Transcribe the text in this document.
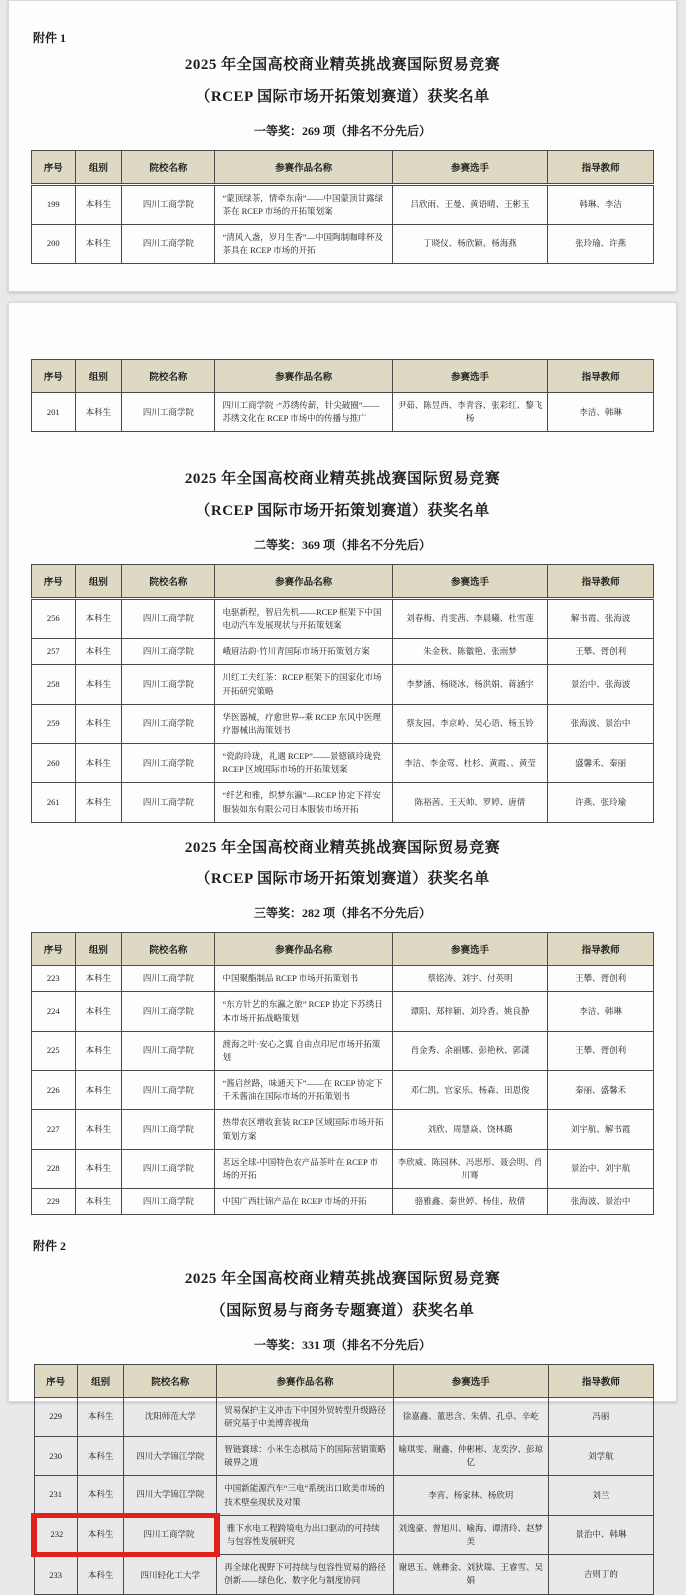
附件 1
2025 年全国高校商业精英挑战赛国际贸易竞赛
（RCEP 国际市场开拓策划赛道）获奖名单
一等奖：269 项（排名不分先后）
序号	组别	院校名称	参赛作品名称	参赛选手	指导教师
199	本科生	四川工商学院	“蒙顶绿茶，情牵东南”——中国蒙顶甘露绿茶在 RCEP 市场的开拓策划案	吕欣雨、王曼、黄语晴、王彬玉	韩琳、李洁
200	本科生	四川工商学院	“清风入盏，岁月生香”—中国陶制咖啡杯及茶具在 RCEP 市场的开拓	丁晓仪、杨欣颖、杨海燕	张玲瑜、许燕
序号	组别	院校名称	参赛作品名称	参赛选手	指导教师
201	本科生	四川工商学院	四川工商学院 ·“苏绣传薪，针尖破圈”——苏绣文化在 RCEP 市场中的传播与推广	尹茹、陈昱西、李青容、张彩红、黎飞杨	李洁、韩琳
2025 年全国高校商业精英挑战赛国际贸易竞赛
（RCEP 国际市场开拓策划赛道）获奖名单
二等奖：369 项（排名不分先后）
序号	组别	院校名称	参赛作品名称	参赛选手	指导教师
256	本科生	四川工商学院	电驱新程，智启先机——RCEP 框架下中国电动汽车发展现状与开拓策划案	刘春梅、肖雯茜、李晨曦、杜雪莲	解书霞、张海波
257	本科生	四川工商学院	峨眉沽韵·竹川青国际市场开拓策划方案	朱金秋、陈徽艳、张雨梦	王攀、胥创利
258	本科生	四川工商学院	川红工夫红茶：RCEP 框架下的国家化市场开拓研究策略	李梦涵、杨晓冰、杨洪娟、蒋涵宇	景治中、张海波
259	本科生	四川工商学院	华医器械，疗愈世界--乘 RCEP 东风中医理疗器械出海策划书	蔡友园、李京岭、吴心语、杨玉铃	张海波、景治中
260	本科生	四川工商学院	“瓷韵玲珑，礼遇 RCEP”——景德镇玲珑瓷 RCEP 区域国际市场的开拓策划案	李洁、李金莺、杜杉、黄霞、、黄莹	盛馨禾、秦丽
261	本科生	四川工商学院	“纤艺和雅，织梦东瀛”—RCEP 协定下祥安服装如东有限公司日本服装市场开拓	陈裕茜、王天帅、罗婷、唐倩	许燕、张玲瑜
2025 年全国高校商业精英挑战赛国际贸易竞赛
（RCEP 国际市场开拓策划赛道）获奖名单
三等奖：282 项（排名不分先后）
序号	组别	院校名称	参赛作品名称	参赛选手	指导教师
223	本科生	四川工商学院	中国聚酯制品 RCEP 市场开拓策划书	蔡铭涛、刘宇、付英明	王攀、胥创利
224	本科生	四川工商学院	“东方针艺的东瀛之旅” RCEP 协定下苏绣日本市场开拓战略策划	谭阳、郑梓颖、刘玲香、姚良静	李洁、韩琳
225	本科生	四川工商学院	渡海之叶·安心之翼 自由点印尼市场开拓策划	肖金秀、余丽娜、彭艳秋、郭潇	王攀、胥创利
226	本科生	四川工商学院	“酱启丝路，味通天下”——在 RCEP 协定下千禾酱油在国际市场的开拓策划书	邓仁凯、官家乐、杨森、田恩俊	秦丽、盛馨禾
227	本科生	四川工商学院	热带农区增收套装 RCEP 区域国际市场开拓策划方案	刘欣、周慧焱、饶林璐	刘宇航、解书霞
228	本科生	四川工商学院	茗远全球-中国特色农产品茶叶在 RCEP 市场的开拓	李欣威、陈园林、冯思彤、聂会明、肖川骞	景治中、刘宇航
229	本科生	四川工商学院	中国广西壮锦产品在 RCEP 市场的开拓	骆雅鑫、秦世婷、杨佳、敖倩	张海波、景治中
附件 2
2025 年全国高校商业精英挑战赛国际贸易竞赛
（国际贸易与商务专题赛道）获奖名单
一等奖：331 项（排名不分先后）
序号	组别	院校名称	参赛作品名称	参赛选手	指导教师
229	本科生	沈阳师范大学	贸易保护主义冲击下中国外贸转型升级路径研究基于中美博弈视角	徐嘉鑫、董思含、朱倩、孔卓、辛屹	冯丽
230	本科生	四川大学锦江学院	智链寰球：小米生态棋局下的国际营销策略破界之道	喻琪雯、谢鑫、仲彬彬、龙奕汐、彭琼亿	刘学航
231	本科生	四川大学锦江学院	中国新能源汽车“三电”系统出口欧美市场的技术壁垒现状及对策	李宵、杨家林、杨欣玥	刘兰
232	本科生	四川工商学院	雅下水电工程跨境电力出口驱动的可持续与包容性发展研究	刘逸豪、曾旭川、喻海、谭清玲、赵梦美	景治中、韩琳
233	本科生	四川轻化工大学	再全球化视野下可持续与包容性贸易的路径创新——绿色化、数字化与制度协同	谢思玉、姚彝金、刘狄瑞、王睿雪、吴娟	吉则丁的
